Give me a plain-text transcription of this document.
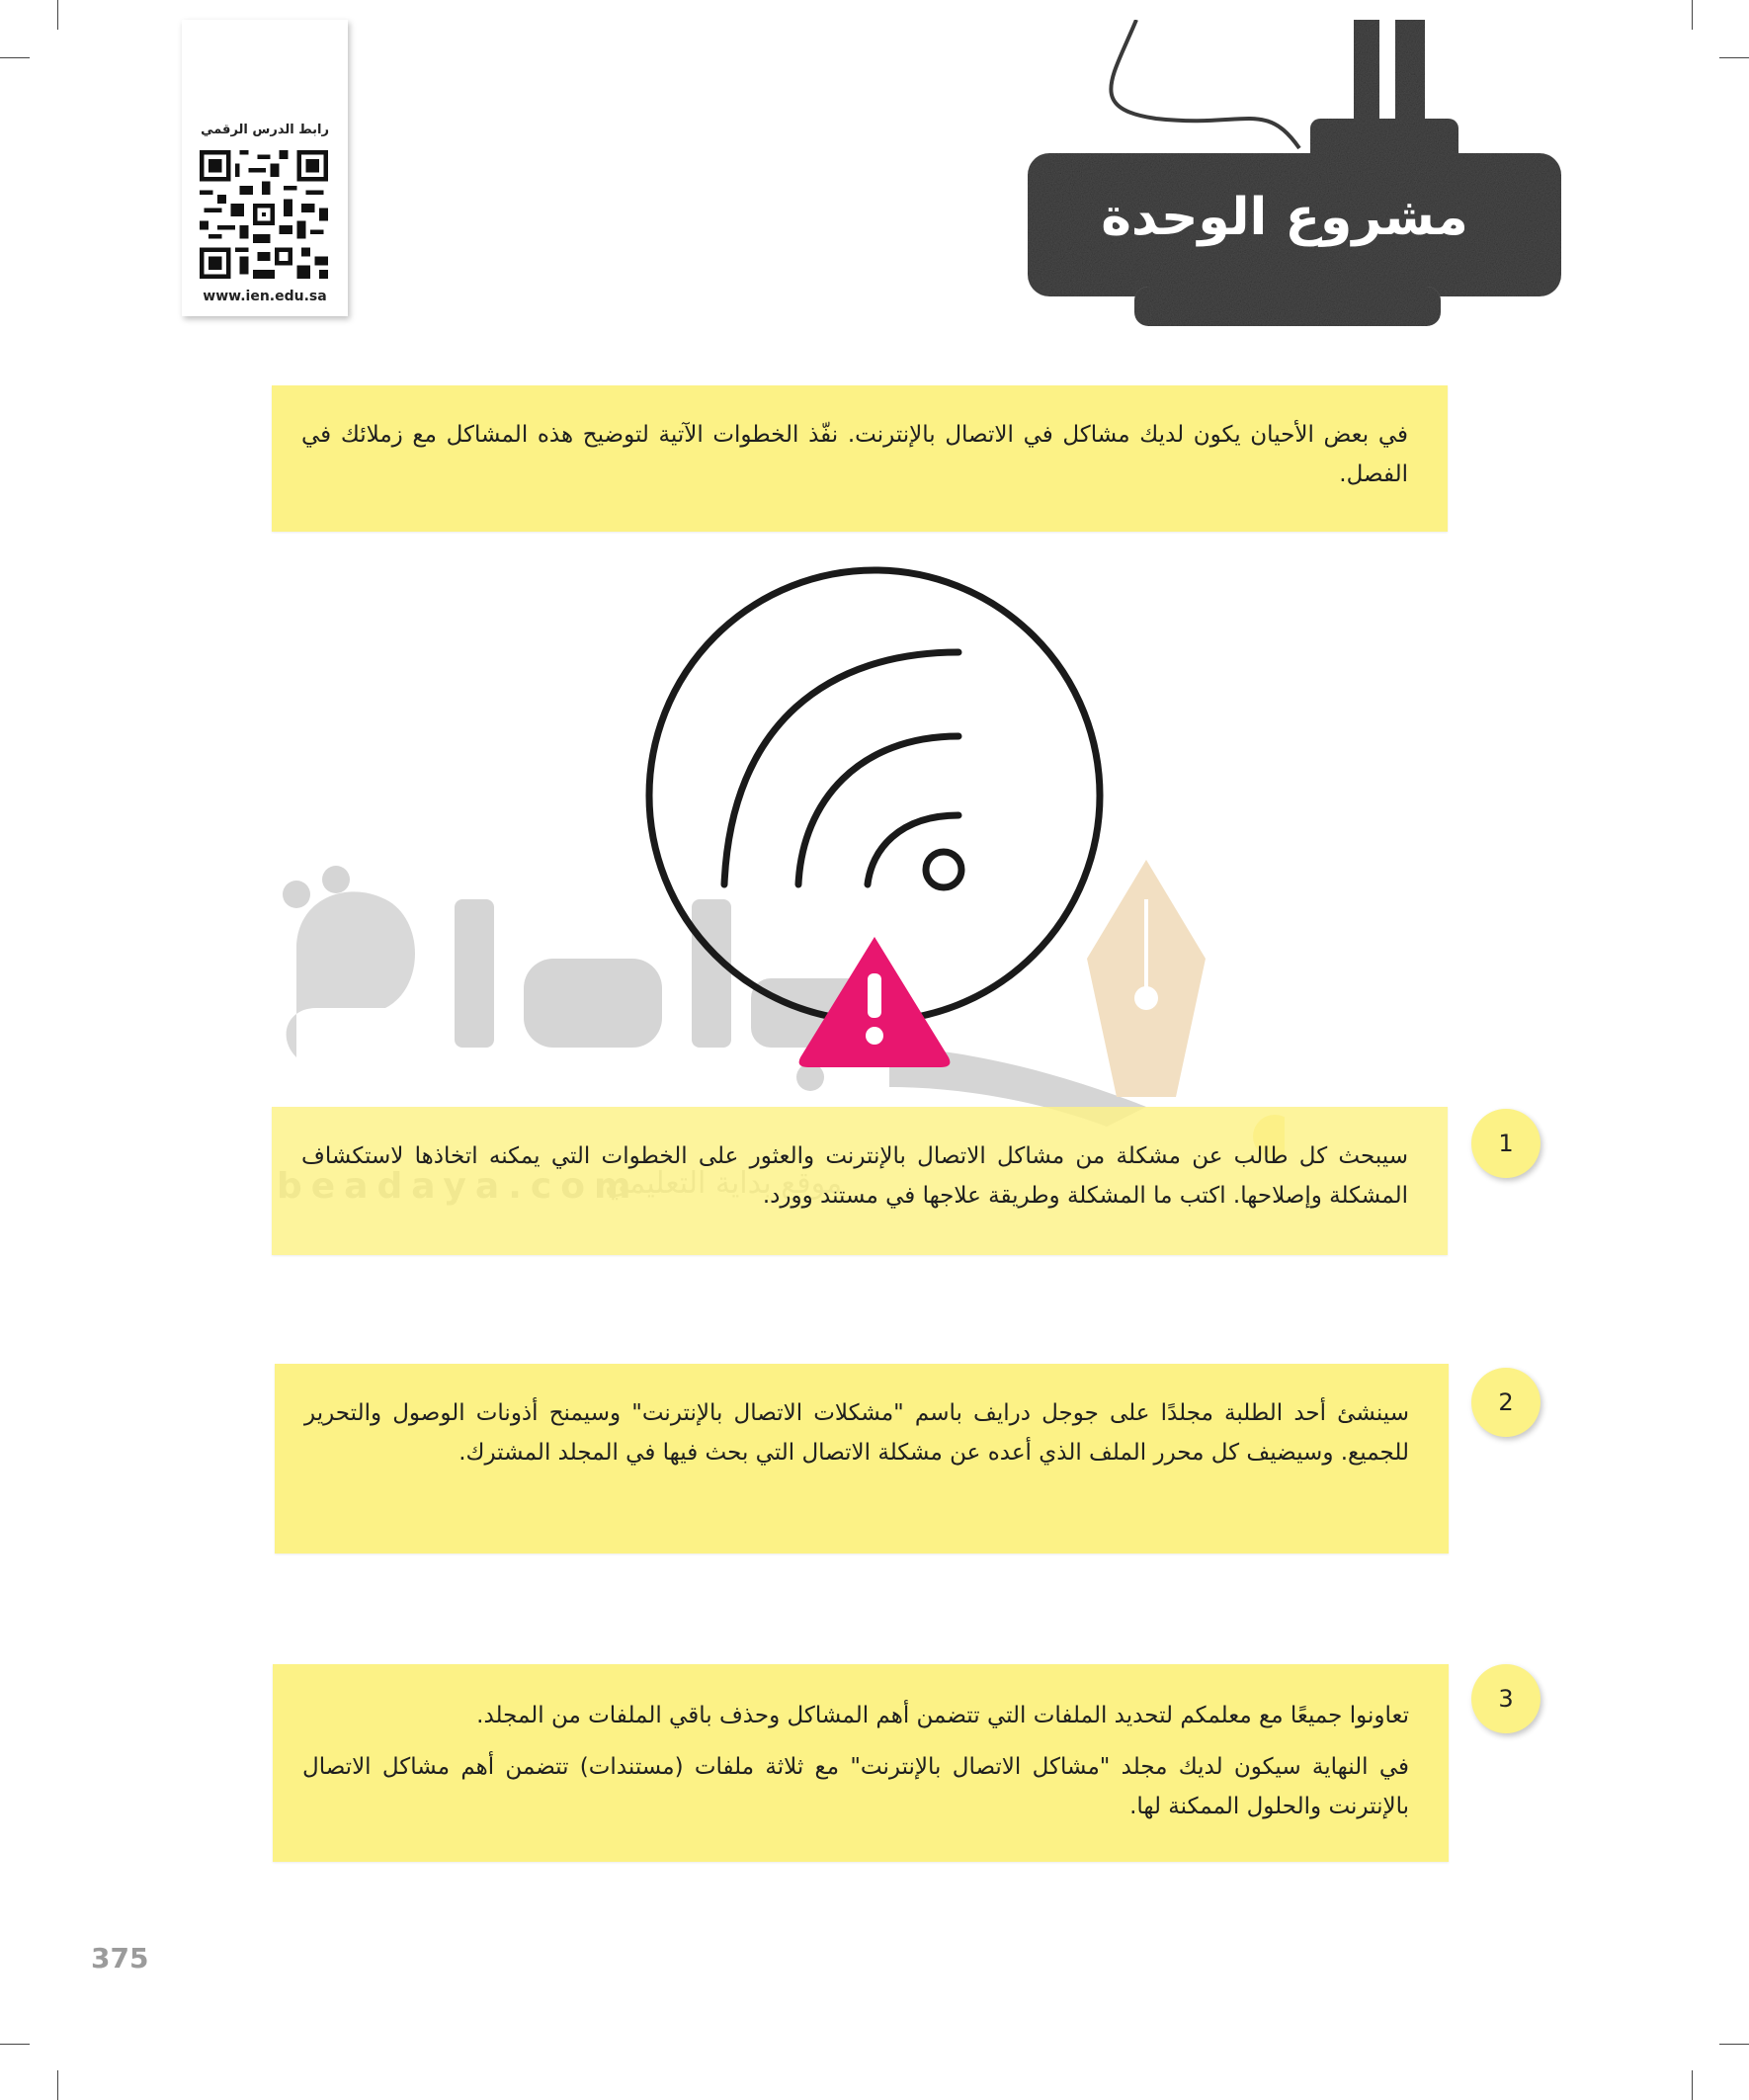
رابط الدرس الرقمي
www.ien.edu.sa
مشروع الوحدة

في بعض الأحيان يكون لديك مشاكل في الاتصال بالإنترنت. نفّذ الخطوات الآتية لتوضيح هذه المشاكل مع زملائك في الفصل.

سيبحث كل طالب عن مشكلة من مشاكل الاتصال بالإنترنت والعثور على الخطوات التي يمكنه اتخاذها لاستكشاف المشكلة وإصلاحها. اكتب ما المشكلة وطريقة علاجها في مستند وورد.

1

سينشئ أحد الطلبة مجلدًا على جوجل درايف باسم "مشكلات الاتصال بالإنترنت" وسيمنح أذونات الوصول والتحرير للجميع. وسيضيف كل محرر الملف الذي أعده عن مشكلة الاتصال التي بحث فيها في المجلد المشترك.

2

تعاونوا جميعًا مع معلمكم لتحديد الملفات التي تتضمن أهم المشاكل وحذف باقي الملفات من المجلد.

في النهاية سيكون لديك مجلد "مشاكل الاتصال بالإنترنت" مع ثلاثة ملفات (مستندات) تتضمن أهم مشاكل الاتصال بالإنترنت والحلول الممكنة لها.

3
375
